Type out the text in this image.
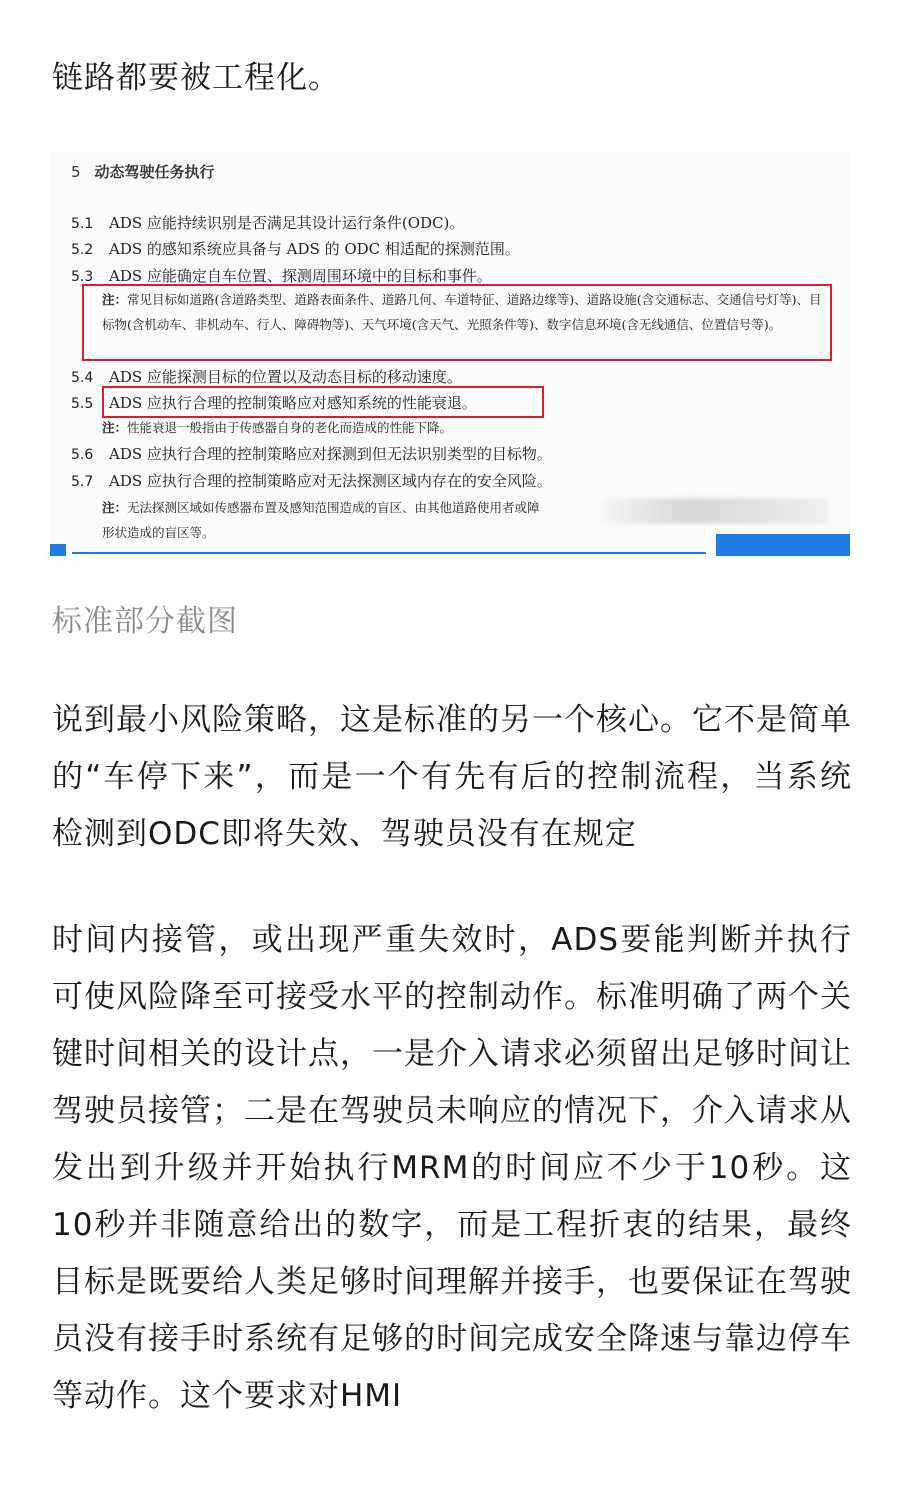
链路都要被工程化。

5 动态驾驶任务执行
5.1 ADS 应能持续识别是否满足其设计运行条件(ODC)。
5.2 ADS 的感知系统应具备与 ADS 的 ODC 相适配的探测范围。
5.3 ADS 应能确定自车位置、探测周围环境中的目标和事件。
注：常见目标如道路(含道路类型、道路表面条件、道路几何、车道特征、道路边缘等)、道路设施(含交通标志、交通信号灯等)、目标物(含机动车、非机动车、行人、障碍物等)、天气环境(含天气、光照条件等)、数字信息环境(含无线通信、位置信号等)。
5.4 ADS 应能探测目标的位置以及动态目标的移动速度。
5.5 ADS 应执行合理的控制策略应对感知系统的性能衰退。
注：性能衰退一般指由于传感器自身的老化而造成的性能下降。
5.6 ADS 应执行合理的控制策略应对探测到但无法识别类型的目标物。
5.7 ADS 应执行合理的控制策略应对无法探测区域内存在的安全风险。
注：无法探测区域如传感器布置及感知范围造成的盲区、由其他道路使用者或障
形状造成的盲区等。

标准部分截图

说到最小风险策略，这是标准的另一个核心。它不是简单的“车停下来”，而是一个有先有后的控制流程，当系统检测到ODC即将失效、驾驶员没有在规定

时间内接管，或出现严重失效时，ADS要能判断并执行可使风险降至可接受水平的控制动作。标准明确了两个关键时间相关的设计点，一是介入请求必须留出足够时间让驾驶员接管；二是在驾驶员未响应的情况下，介入请求从发出到升级并开始执行MRM的时间应不少于10秒。这10秒并非随意给出的数字，而是工程折衷的结果，最终目标是既要给人类足够时间理解并接手，也要保证在驾驶员没有接手时系统有足够的时间完成安全降速与靠边停车等动作。这个要求对HMI
